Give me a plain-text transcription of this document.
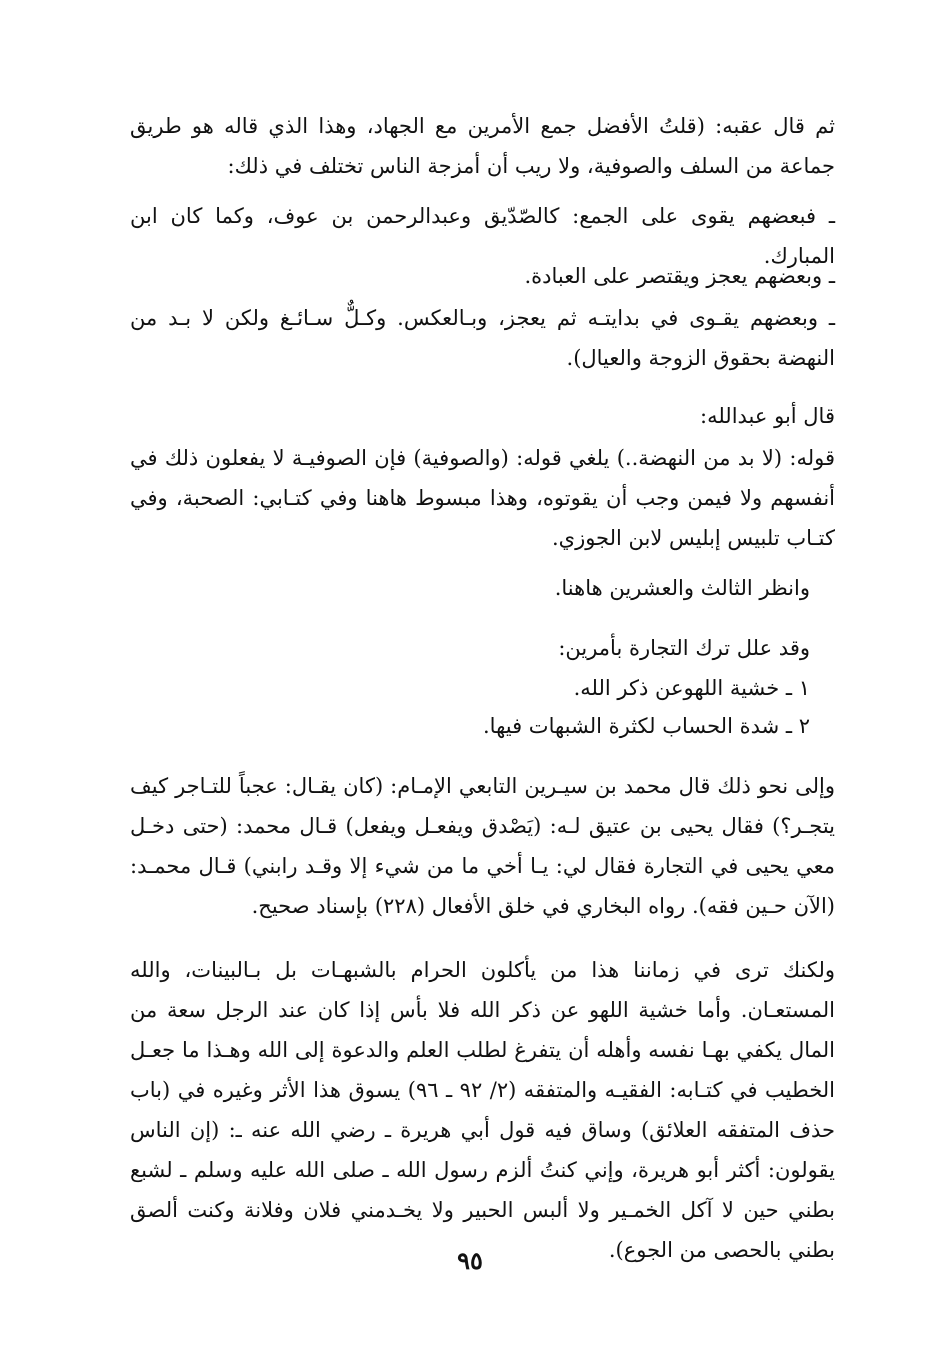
ثم قال عقبه: (قلتُ الأفضل جمع الأمرين مع الجهاد، وهذا الذي قاله هو طريق جماعة من السلف والصوفية، ولا ريب أن أمزجة الناس تختلف في ذلك:

ـ فبعضهم يقوى على الجمع: كالصّدّيق وعبدالرحمن بن عوف، وكما كان ابن المبارك.

ـ وبعضهم يعجز ويقتصر على العبادة.

ـ وبعضهم يقـوى في بدايتـه ثم يعجز، وبـالعكس. وكـلٌّ سـائـغ ولكن لا بـد من النهضة بحقوق الزوجة والعيال).

قال أبو عبدالله:

قوله: (لا بد من النهضة..) يلغي قوله: (والصوفية) فإن الصوفيـة لا يفعلون ذلك في أنفسهم ولا فيمن وجب أن يقوتوه، وهذا مبسوط هاهنا وفي كتـابي: الصحبة، وفي كتـاب تلبيس إبليس لابن الجوزي.

وانظر الثالث والعشرين هاهنا.

وقد علل ترك التجارة بأمرين:

١ ـ خشية اللهوعن ذكر الله.

٢ ـ شدة الحساب لكثرة الشبهات فيها.

وإلى نحو ذلك قال محمد بن سيـرين التابعي الإمـام: (كان يقـال: عجباً للتـاجر كيف يتجـر؟) فقال يحيى بن عتيق لـه: (يَصْدق ويفعـل ويفعل) قـال محمد: (حتى دخـل معي يحيى في التجارة فقال لي: يـا أخي ما من شيء إلا وقـد رابني) قـال محمـد: (الآن حـين فقه). رواه البخاري في خلق الأفعال (٢٢٨) بإسناد صحيح.

ولكنك ترى في زماننا هذا من يأكلون الحرام بالشبهـات بل بـالبينات، والله المستعـان. وأما خشية اللهو عن ذكر الله فلا بأس إذا كان عند الرجل سعة من المال يكفي بهـا نفسه وأهله أن يتفرغ لطلب العلم والدعوة إلى الله وهـذا ما جعـل الخطيب في كتـابه: الفقيـه والمتفقه (٢/ ٩٢ ـ ٩٦) يسوق هذا الأثر وغيره في (باب حذف المتفقه العلائق) وساق فيه قول أبي هريرة ـ رضي الله عنه ـ: (إن الناس يقولون: أكثر أبو هريرة، وإني كنتُ ألزم رسول الله ـ صلى الله عليه وسلم ـ لشبع بطني حين لا آكل الخمـير ولا ألبس الحبير ولا يخـدمني فلان وفلانة وكنت ألصق بطني بالحصى من الجوع).

٩٥
